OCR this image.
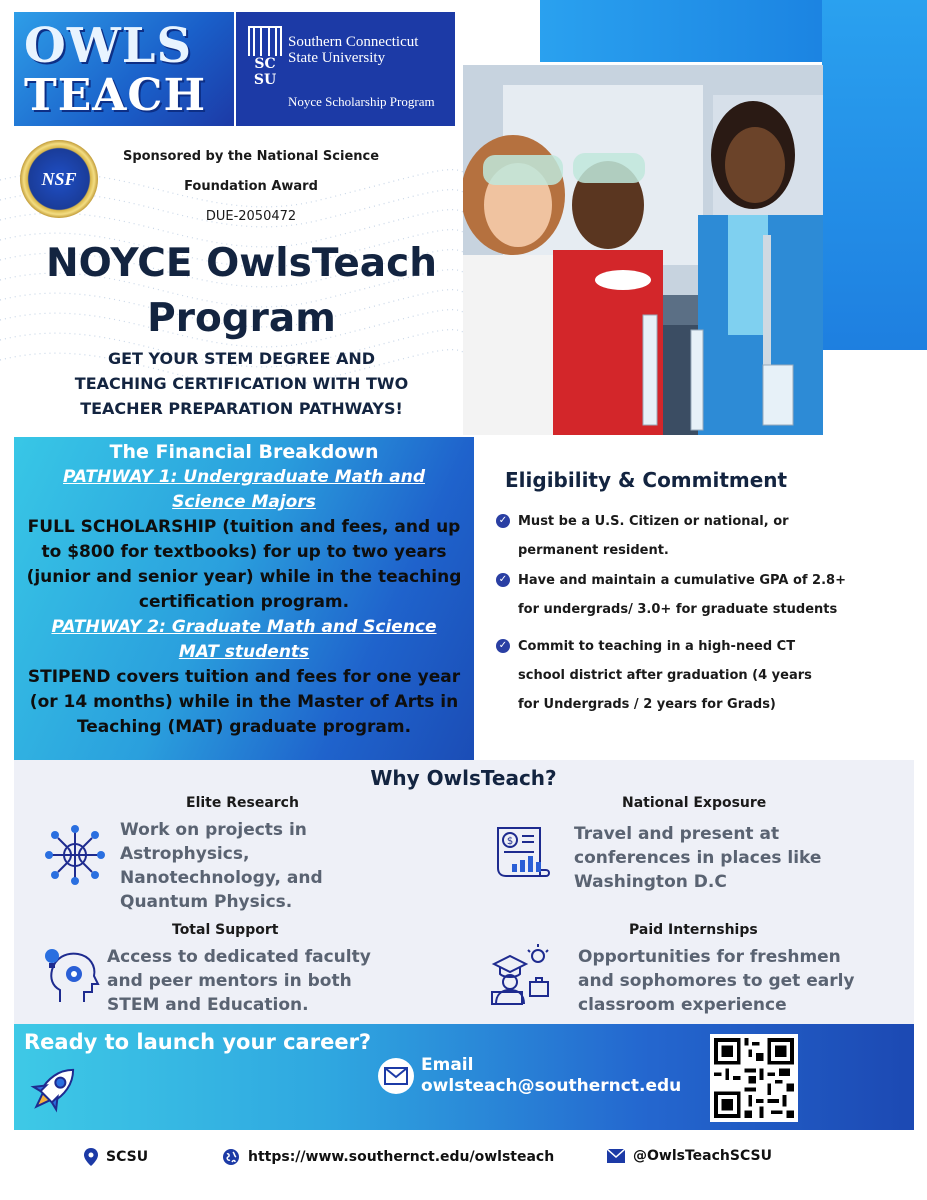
OWLS
TEACH
SC
SU
Southern Connecticut
State University
Noyce Scholarship Program
NSF
Sponsored by the National Science
Foundation Award
DUE-2050472
NOYCE OwlsTeach
Program
GET YOUR STEM DEGREE AND
TEACHING CERTIFICATION WITH TWO
TEACHER PREPARATION PATHWAYS!
The Financial Breakdown
PATHWAY 1: Undergraduate Math and
Science Majors
FULL SCHOLARSHIP (tuition and fees, and up
to $800 for textbooks) for up to two years
(junior and senior year) while in the teaching
certification program.
PATHWAY 2: Graduate Math and Science
MAT students
STIPEND covers tuition and fees for one year
(or 14 months) while in the Master of Arts in
Teaching (MAT) graduate program.
Eligibility & Commitment
✓ Must be a U.S. Citizen or national, or
permanent resident.
✓ Have and maintain a cumulative GPA of 2.8+
for undergrads/ 3.0+ for graduate students
✓ Commit to teaching in a high-need CT
school district after graduation (4 years
for Undergrads / 2 years for Grads)
Why OwlsTeach?
Elite Research
Work on projects in
Astrophysics,
Nanotechnology, and
Quantum Physics.
National Exposure
$	Travel and present at
conferences in places like
Washington D.C
Total Support
Access to dedicated faculty
and peer mentors in both
STEM and Education.
Paid Internships
Opportunities for freshmen
and sophomores to get early
classroom experience
Ready to launch your career?
Email
owlsteach@southernct.edu
SCSU	https://www.southernct.edu/owlsteach	@OwlsTeachSCSU
